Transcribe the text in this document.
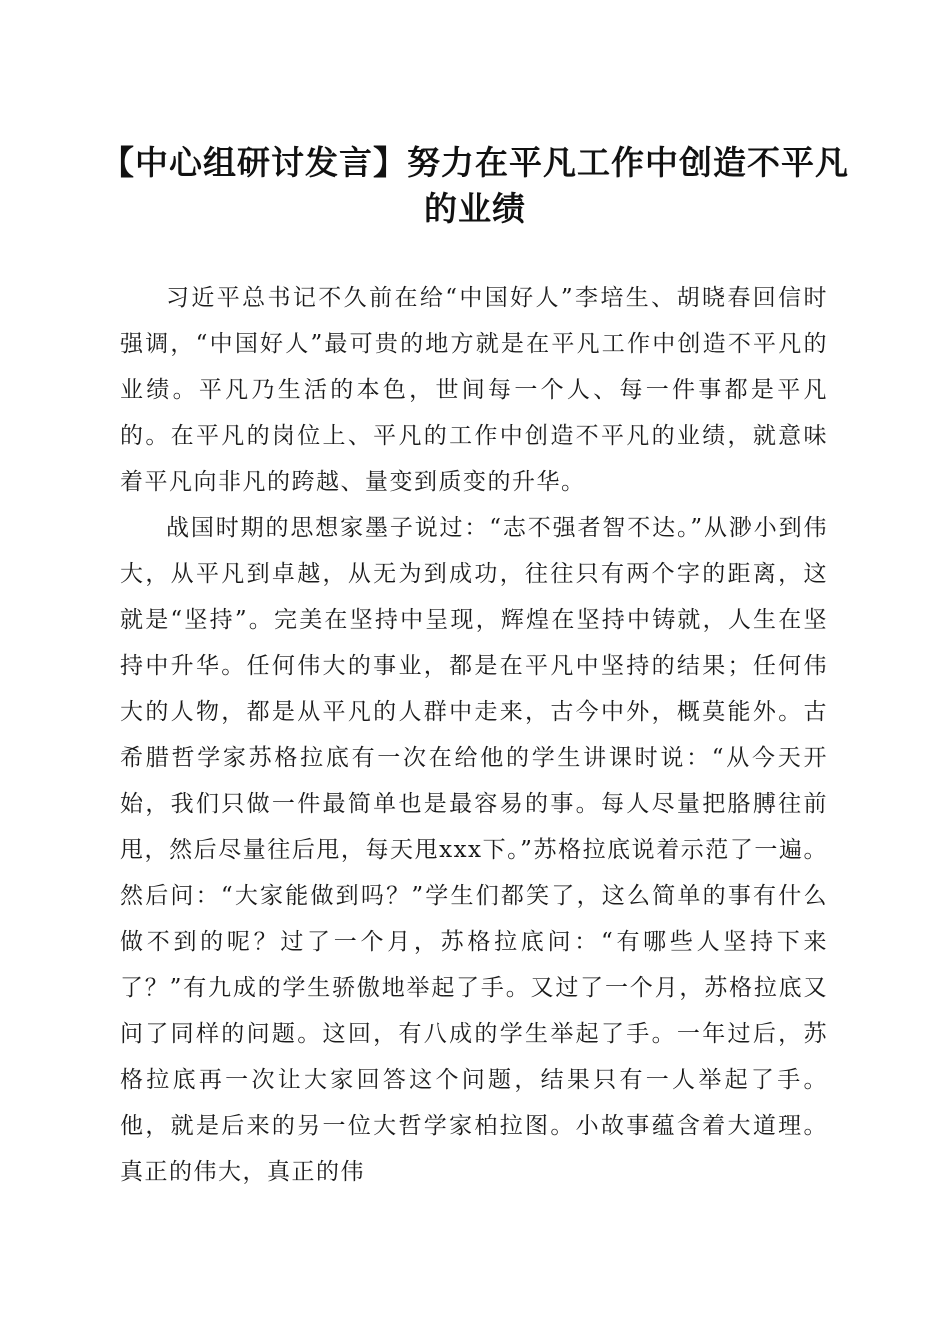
【中心组研讨发言】努力在平凡工作中创造不平凡的业绩

习近平总书记不久前在给“中国好人”李培生、胡晓春回信时强调，“中国好人”最可贵的地方就是在平凡工作中创造不平凡的业绩。平凡乃生活的本色，世间每一个人、每一件事都是平凡的。在平凡的岗位上、平凡的工作中创造不平凡的业绩，就意味着平凡向非凡的跨越、量变到质变的升华。

战国时期的思想家墨子说过：“志不强者智不达。”从渺小到伟大，从平凡到卓越，从无为到成功，往往只有两个字的距离，这就是“坚持”。完美在坚持中呈现，辉煌在坚持中铸就，人生在坚持中升华。任何伟大的事业，都是在平凡中坚持的结果；任何伟大的人物，都是从平凡的人群中走来，古今中外，概莫能外。古希腊哲学家苏格拉底有一次在给他的学生讲课时说：“从今天开始，我们只做一件最简单也是最容易的事。每人尽量把胳膊往前甩，然后尽量往后甩，每天甩xxx下。”苏格拉底说着示范了一遍。然后问：“大家能做到吗？”学生们都笑了，这么简单的事有什么做不到的呢？过了一个月，苏格拉底问：“有哪些人坚持下来了？”有九成的学生骄傲地举起了手。又过了一个月，苏格拉底又问了同样的问题。这回，有八成的学生举起了手。一年过后，苏格拉底再一次让大家回答这个问题，结果只有一人举起了手。他，就是后来的另一位大哲学家柏拉图。小故事蕴含着大道理。真正的伟大，真正的伟
